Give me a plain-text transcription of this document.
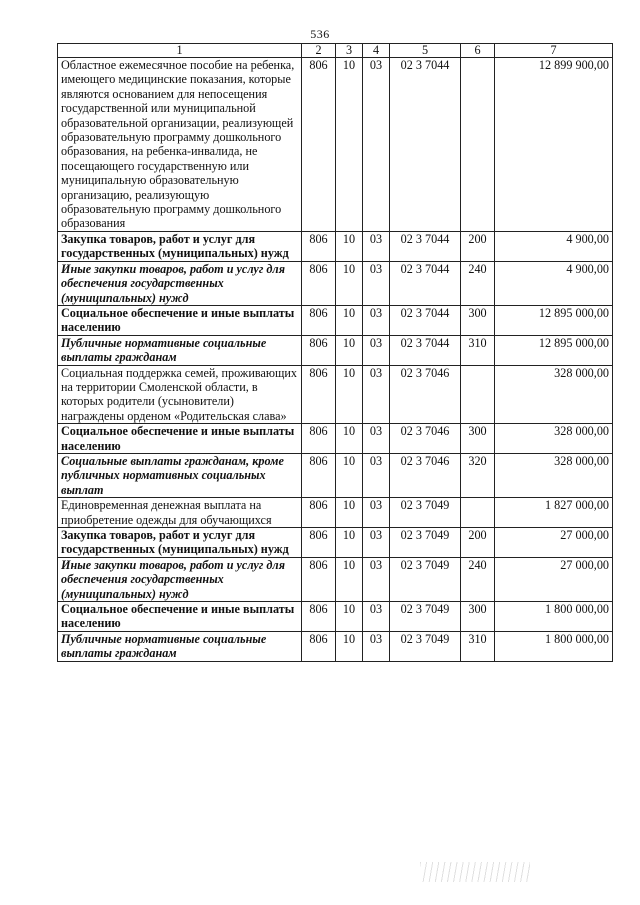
536
1	2	3	4	5	6	7
Областное ежемесячное пособие на ребенка, имеющего медицинские показания, которые являются основанием для непосещения государственной или муниципальной образовательной организации, реализующей образовательную программу дошкольного образования, на ребенка-инвалида, не посещающего государственную или муниципальную образовательную организацию, реализующую образовательную программу дошкольного образования	806	10	03	02 3 7044		12 899 900,00
Закупка товаров, работ и услуг для государственных (муниципальных) нужд	806	10	03	02 3 7044	200	4 900,00
Иные закупки товаров, работ и услуг для обеспечения государственных (муниципальных) нужд	806	10	03	02 3 7044	240	4 900,00
Социальное обеспечение и иные выплаты населению	806	10	03	02 3 7044	300	12 895 000,00
Публичные нормативные социальные выплаты гражданам	806	10	03	02 3 7044	310	12 895 000,00
Социальная поддержка семей, проживающих на территории Смоленской области, в которых родители (усыновители) награждены орденом «Родительская слава»	806	10	03	02 3 7046		328 000,00
Социальное обеспечение и иные выплаты населению	806	10	03	02 3 7046	300	328 000,00
Социальные выплаты гражданам, кроме публичных нормативных социальных выплат	806	10	03	02 3 7046	320	328 000,00
Единовременная денежная выплата на приобретение одежды для обучающихся	806	10	03	02 3 7049		1 827 000,00
Закупка товаров, работ и услуг для государственных (муниципальных) нужд	806	10	03	02 3 7049	200	27 000,00
Иные закупки товаров, работ и услуг для обеспечения государственных (муниципальных) нужд	806	10	03	02 3 7049	240	27 000,00
Социальное обеспечение и иные выплаты населению	806	10	03	02 3 7049	300	1 800 000,00
Публичные нормативные социальные выплаты гражданам	806	10	03	02 3 7049	310	1 800 000,00
